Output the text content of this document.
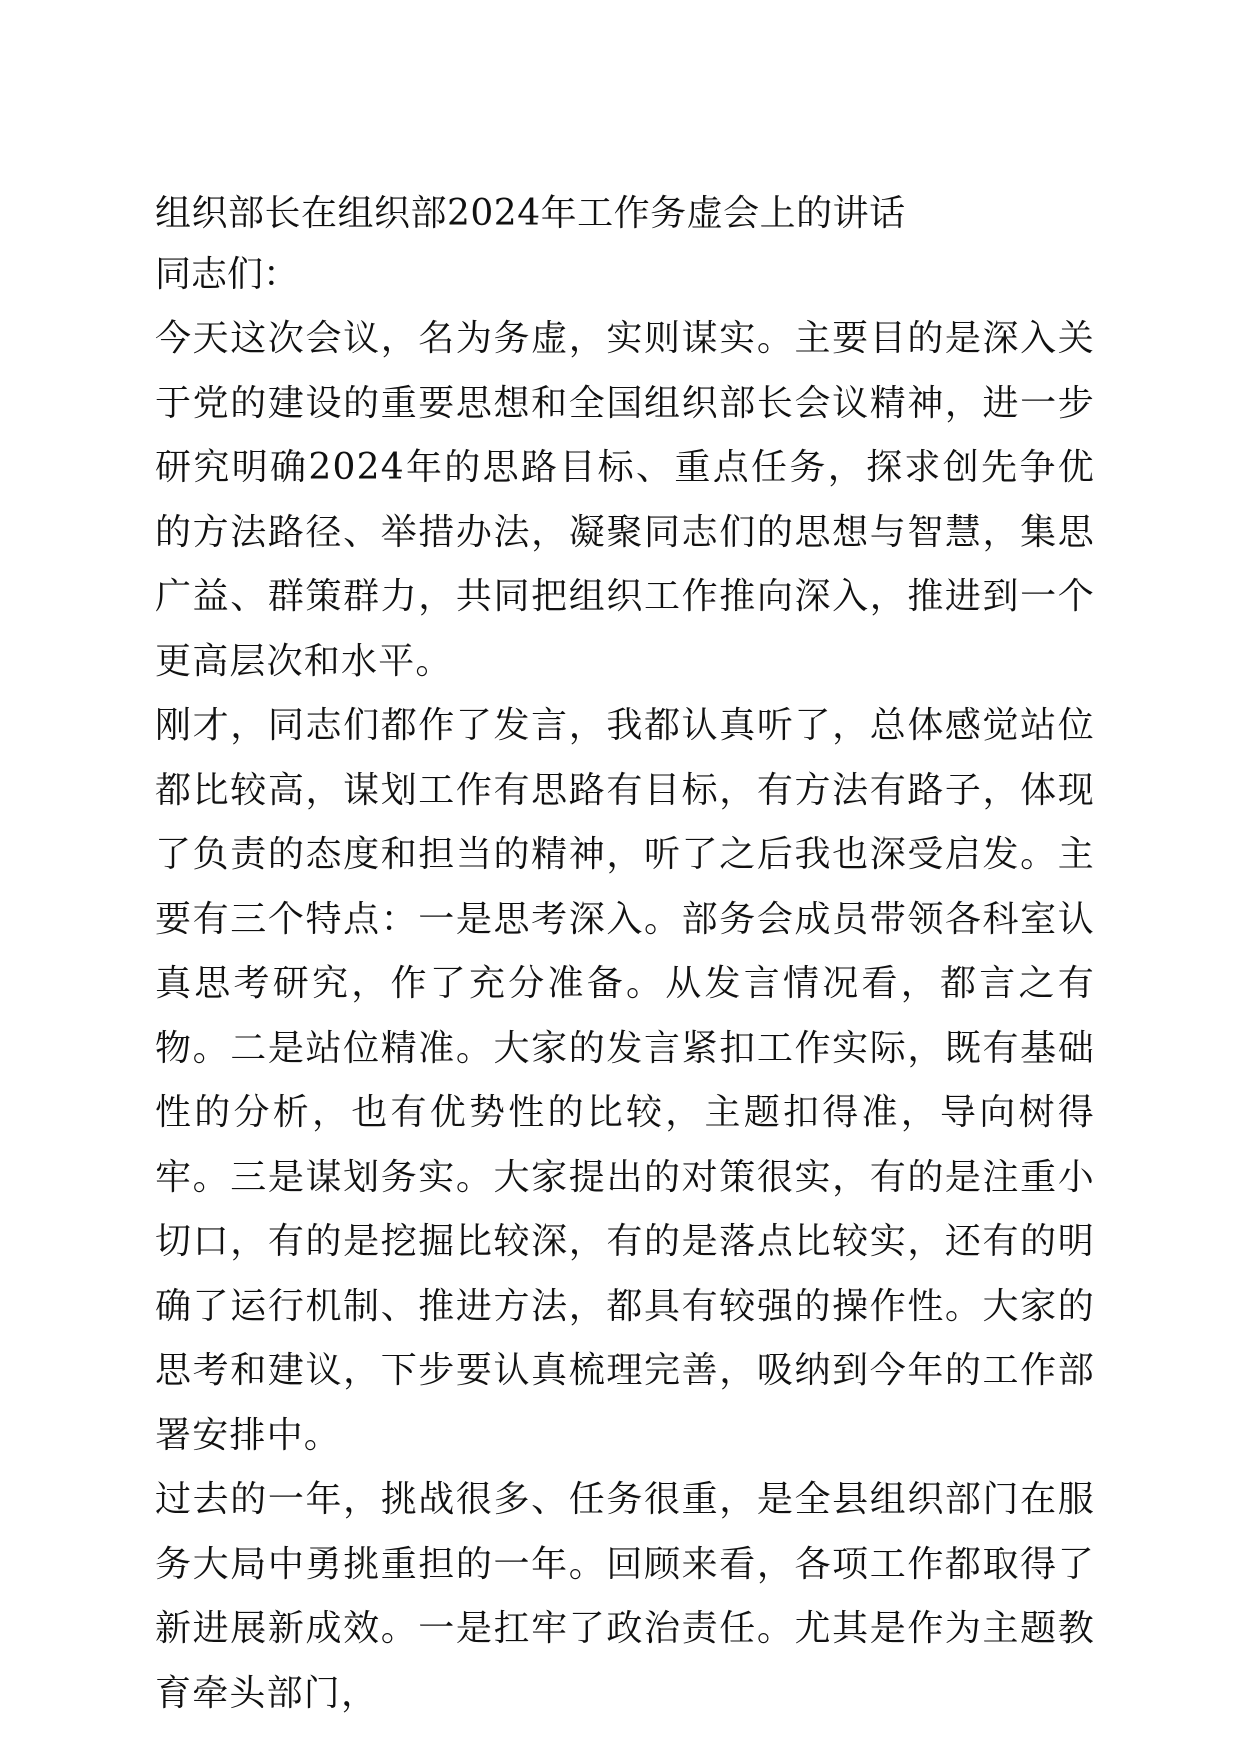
组织部长在组织部2024年工作务虚会上的讲话

同志们：

今天这次会议，名为务虚，实则谋实。主要目的是深入关于党的建设的重要思想和全国组织部长会议精神，进一步研究明确2024年的思路目标、重点任务，探求创先争优的方法路径、举措办法，凝聚同志们的思想与智慧，集思广益、群策群力，共同把组织工作推向深入，推进到一个更高层次和水平。

刚才，同志们都作了发言，我都认真听了，总体感觉站位都比较高，谋划工作有思路有目标，有方法有路子，体现了负责的态度和担当的精神，听了之后我也深受启发。主要有三个特点：一是思考深入。部务会成员带领各科室认真思考研究，作了充分准备。从发言情况看，都言之有物。二是站位精准。大家的发言紧扣工作实际，既有基础性的分析，也有优势性的比较，主题扣得准，导向树得牢。三是谋划务实。大家提出的对策很实，有的是注重小切口，有的是挖掘比较深，有的是落点比较实，还有的明确了运行机制、推进方法，都具有较强的操作性。大家的思考和建议，下步要认真梳理完善，吸纳到今年的工作部署安排中。

过去的一年，挑战很多、任务很重，是全县组织部门在服务大局中勇挑重担的一年。回顾来看，各项工作都取得了新进展新成效。一是扛牢了政治责任。尤其是作为主题教育牵头部门，
